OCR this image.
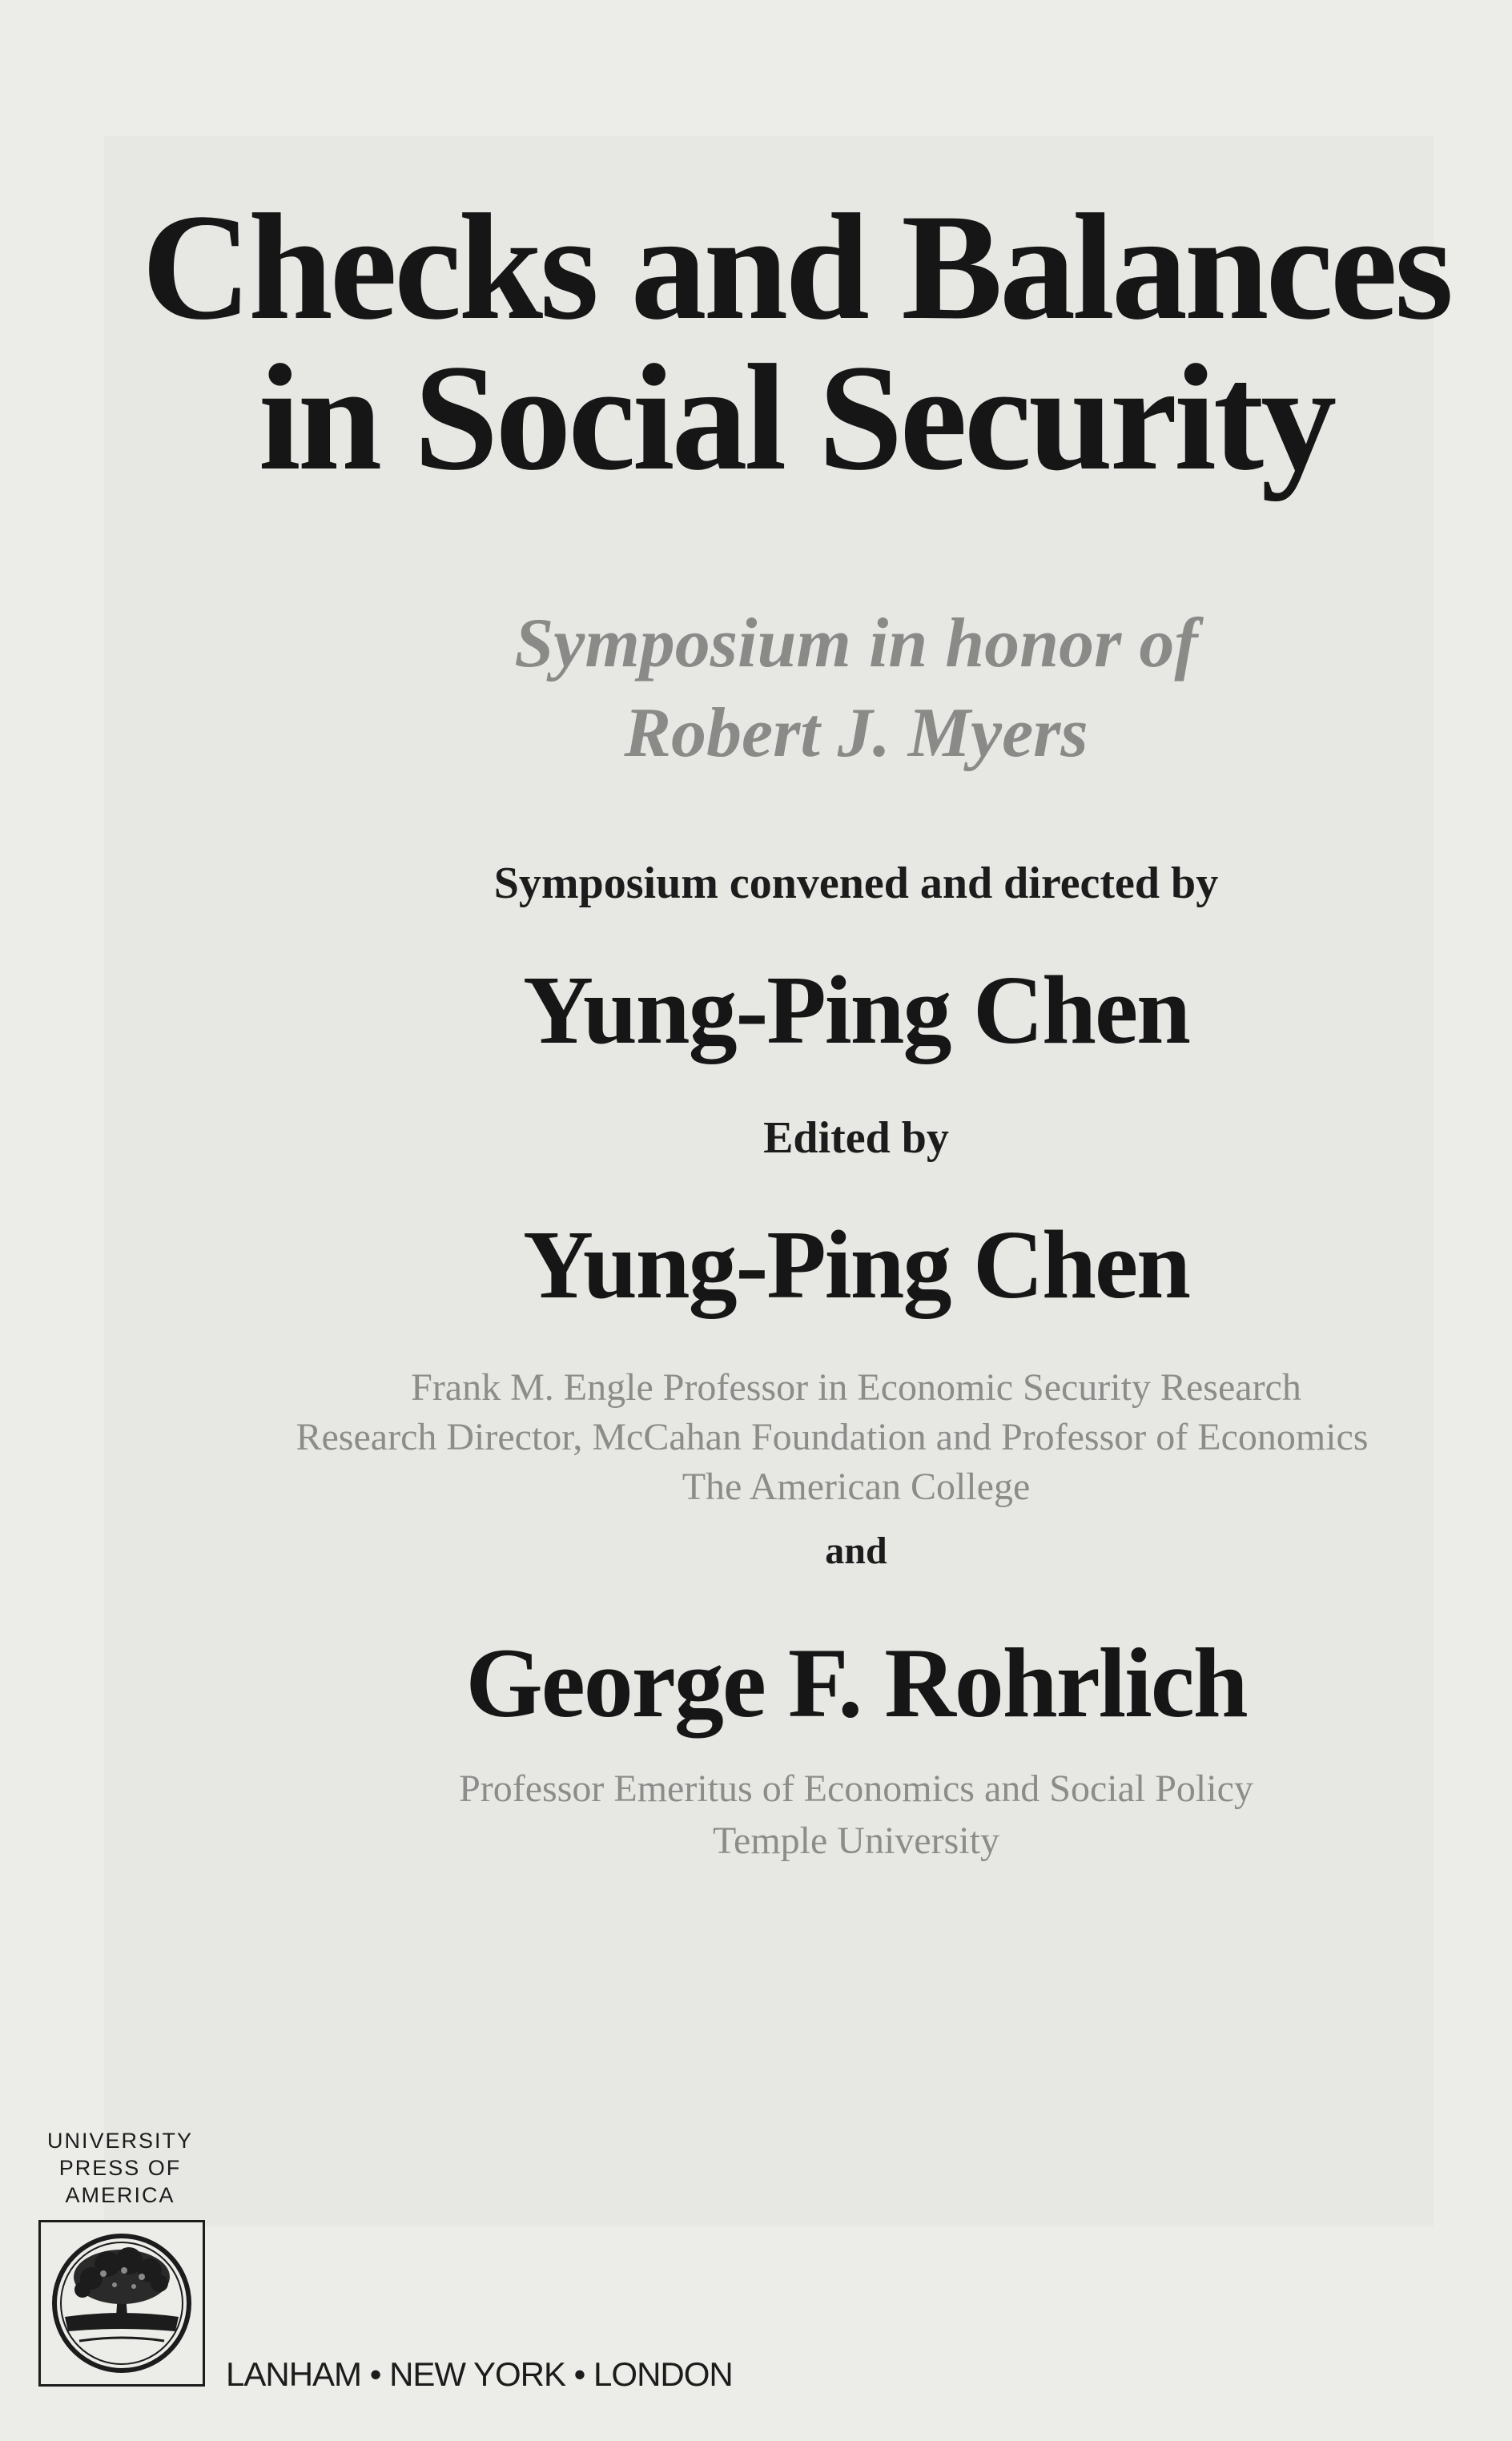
Checks and Balances
in Social Security
Symposium in honor of
Robert J. Myers
Symposium convened and directed by
Yung-Ping Chen
Edited by
Yung-Ping Chen
Frank M. Engle Professor in Economic Security Research
Research Director, McCahan Foundation and Professor of Economics
The American College
and
George F. Rohrlich
Professor Emeritus of Economics and Social Policy
Temple University
UNIVERSITY
PRESS OF
AMERICA
LANHAM • NEW YORK • LONDON
